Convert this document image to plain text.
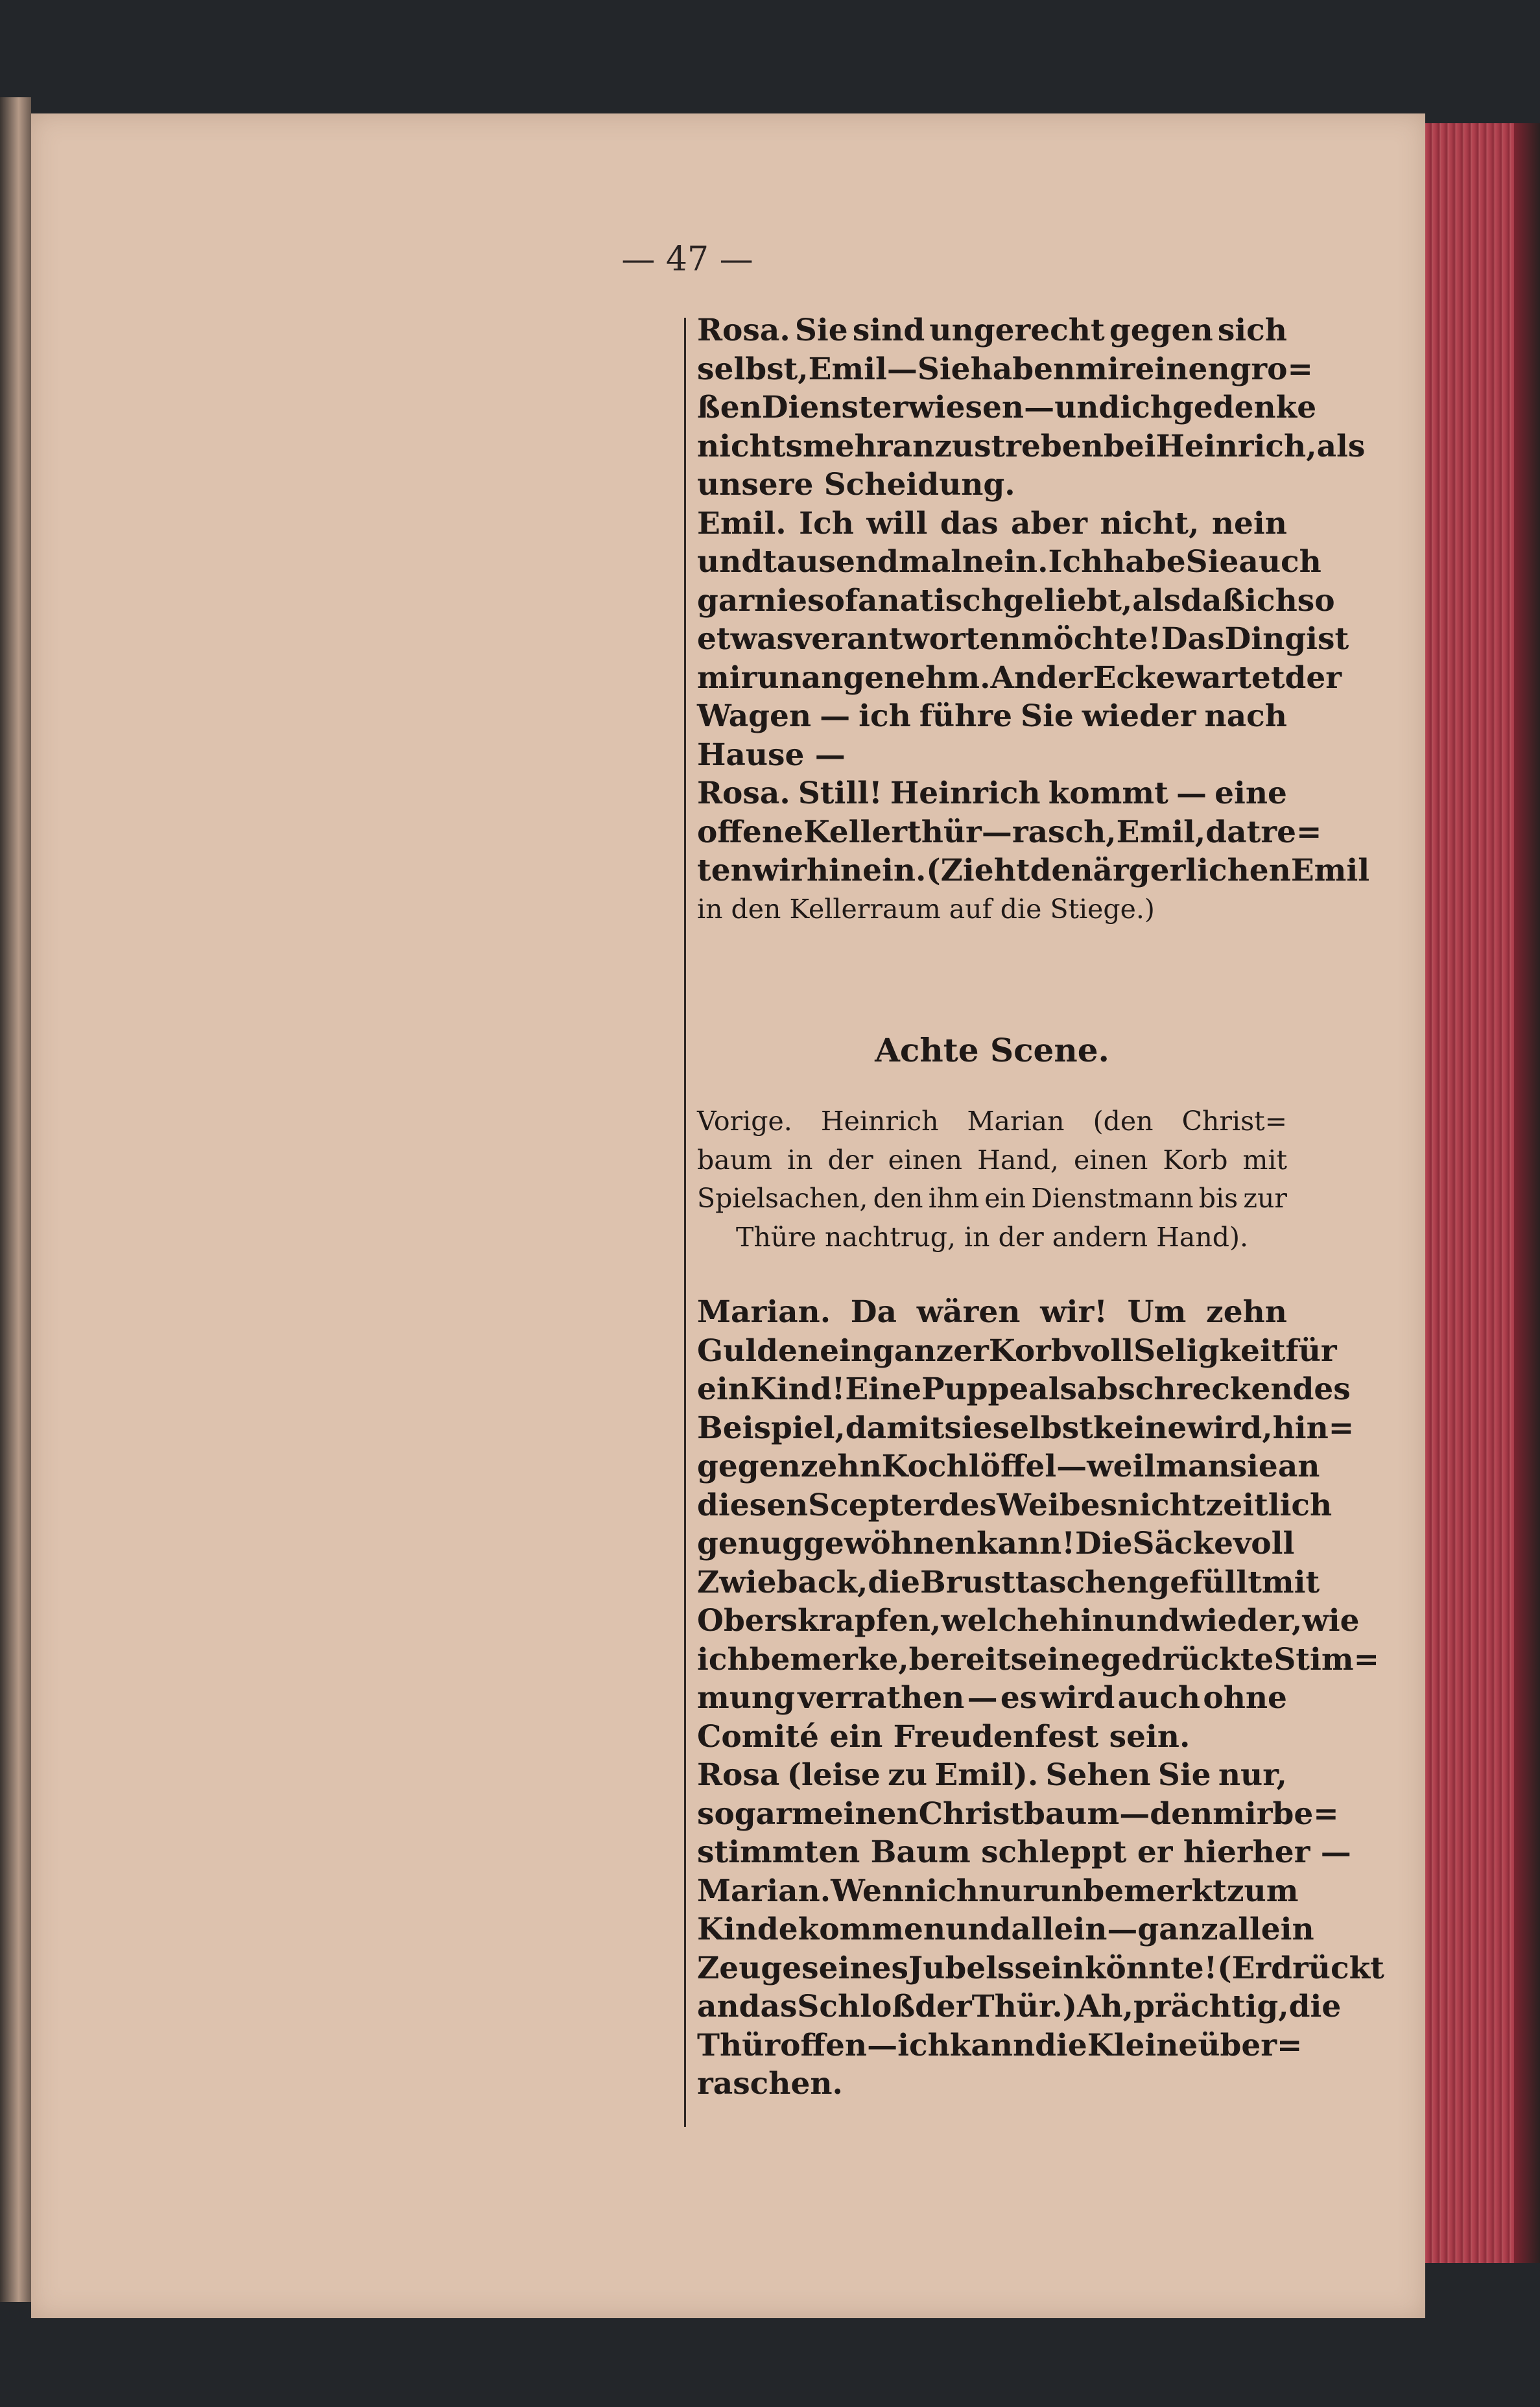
— 47 —
Rosa. Sie sind ungerecht gegen sich
selbst, Emil — Sie haben mir einen gro=
ßen Dienst erwiesen — und ich gedenke
nichts mehr anzustreben bei Heinrich, als
unsere Scheidung.
Emil. Ich will das aber nicht, nein
und tausendmal nein. Ich habe Sie auch
gar nie so fanatisch geliebt, als daß ich so
etwas verantworten möchte! Das Ding ist
mir unangenehm. An der Ecke wartet der
Wagen — ich führe Sie wieder nach
Hause —
Rosa. Still! Heinrich kommt — eine
offene Kellerthür — rasch, Emil, da tre=
ten wir hinein. (Zieht den ärgerlichen Emil
in den Kellerraum auf die Stiege.)
Achte Scene.
Vorige. Heinrich Marian (den Christ=
baum in der einen Hand, einen Korb mit
Spielsachen, den ihm ein Dienstmann bis zur
Thüre nachtrug, in der andern Hand).
Marian. Da wären wir! Um zehn
Gulden ein ganzer Korb voll Seligkeit für
ein Kind! Eine Puppe als abschreckendes
Beispiel, damit sie selbst keine wird, hin=
gegen zehn Kochlöffel — weil man sie an
diesen Scepter des Weibes nicht zeitlich
genug gewöhnen kann! Die Säcke voll
Zwieback, die Brusttaschen gefüllt mit
Oberskrapfen, welche hin und wieder, wie
ich bemerke, bereits eine gedrückte Stim=
mung verrathen — es wird auch ohne
Comité ein Freudenfest sein.
Rosa (leise zu Emil). Sehen Sie nur,
sogar meinen Christbaum — den mir be=
stimmten Baum schleppt er hierher —
Marian. Wenn ich nur unbemerkt zum
Kinde kommen und allein — ganz allein
Zeuge seines Jubels sein könnte! (Er drückt
an das Schloß der Thür.) Ah, prächtig, die
Thür offen — ich kann die Kleine über=
raschen.
